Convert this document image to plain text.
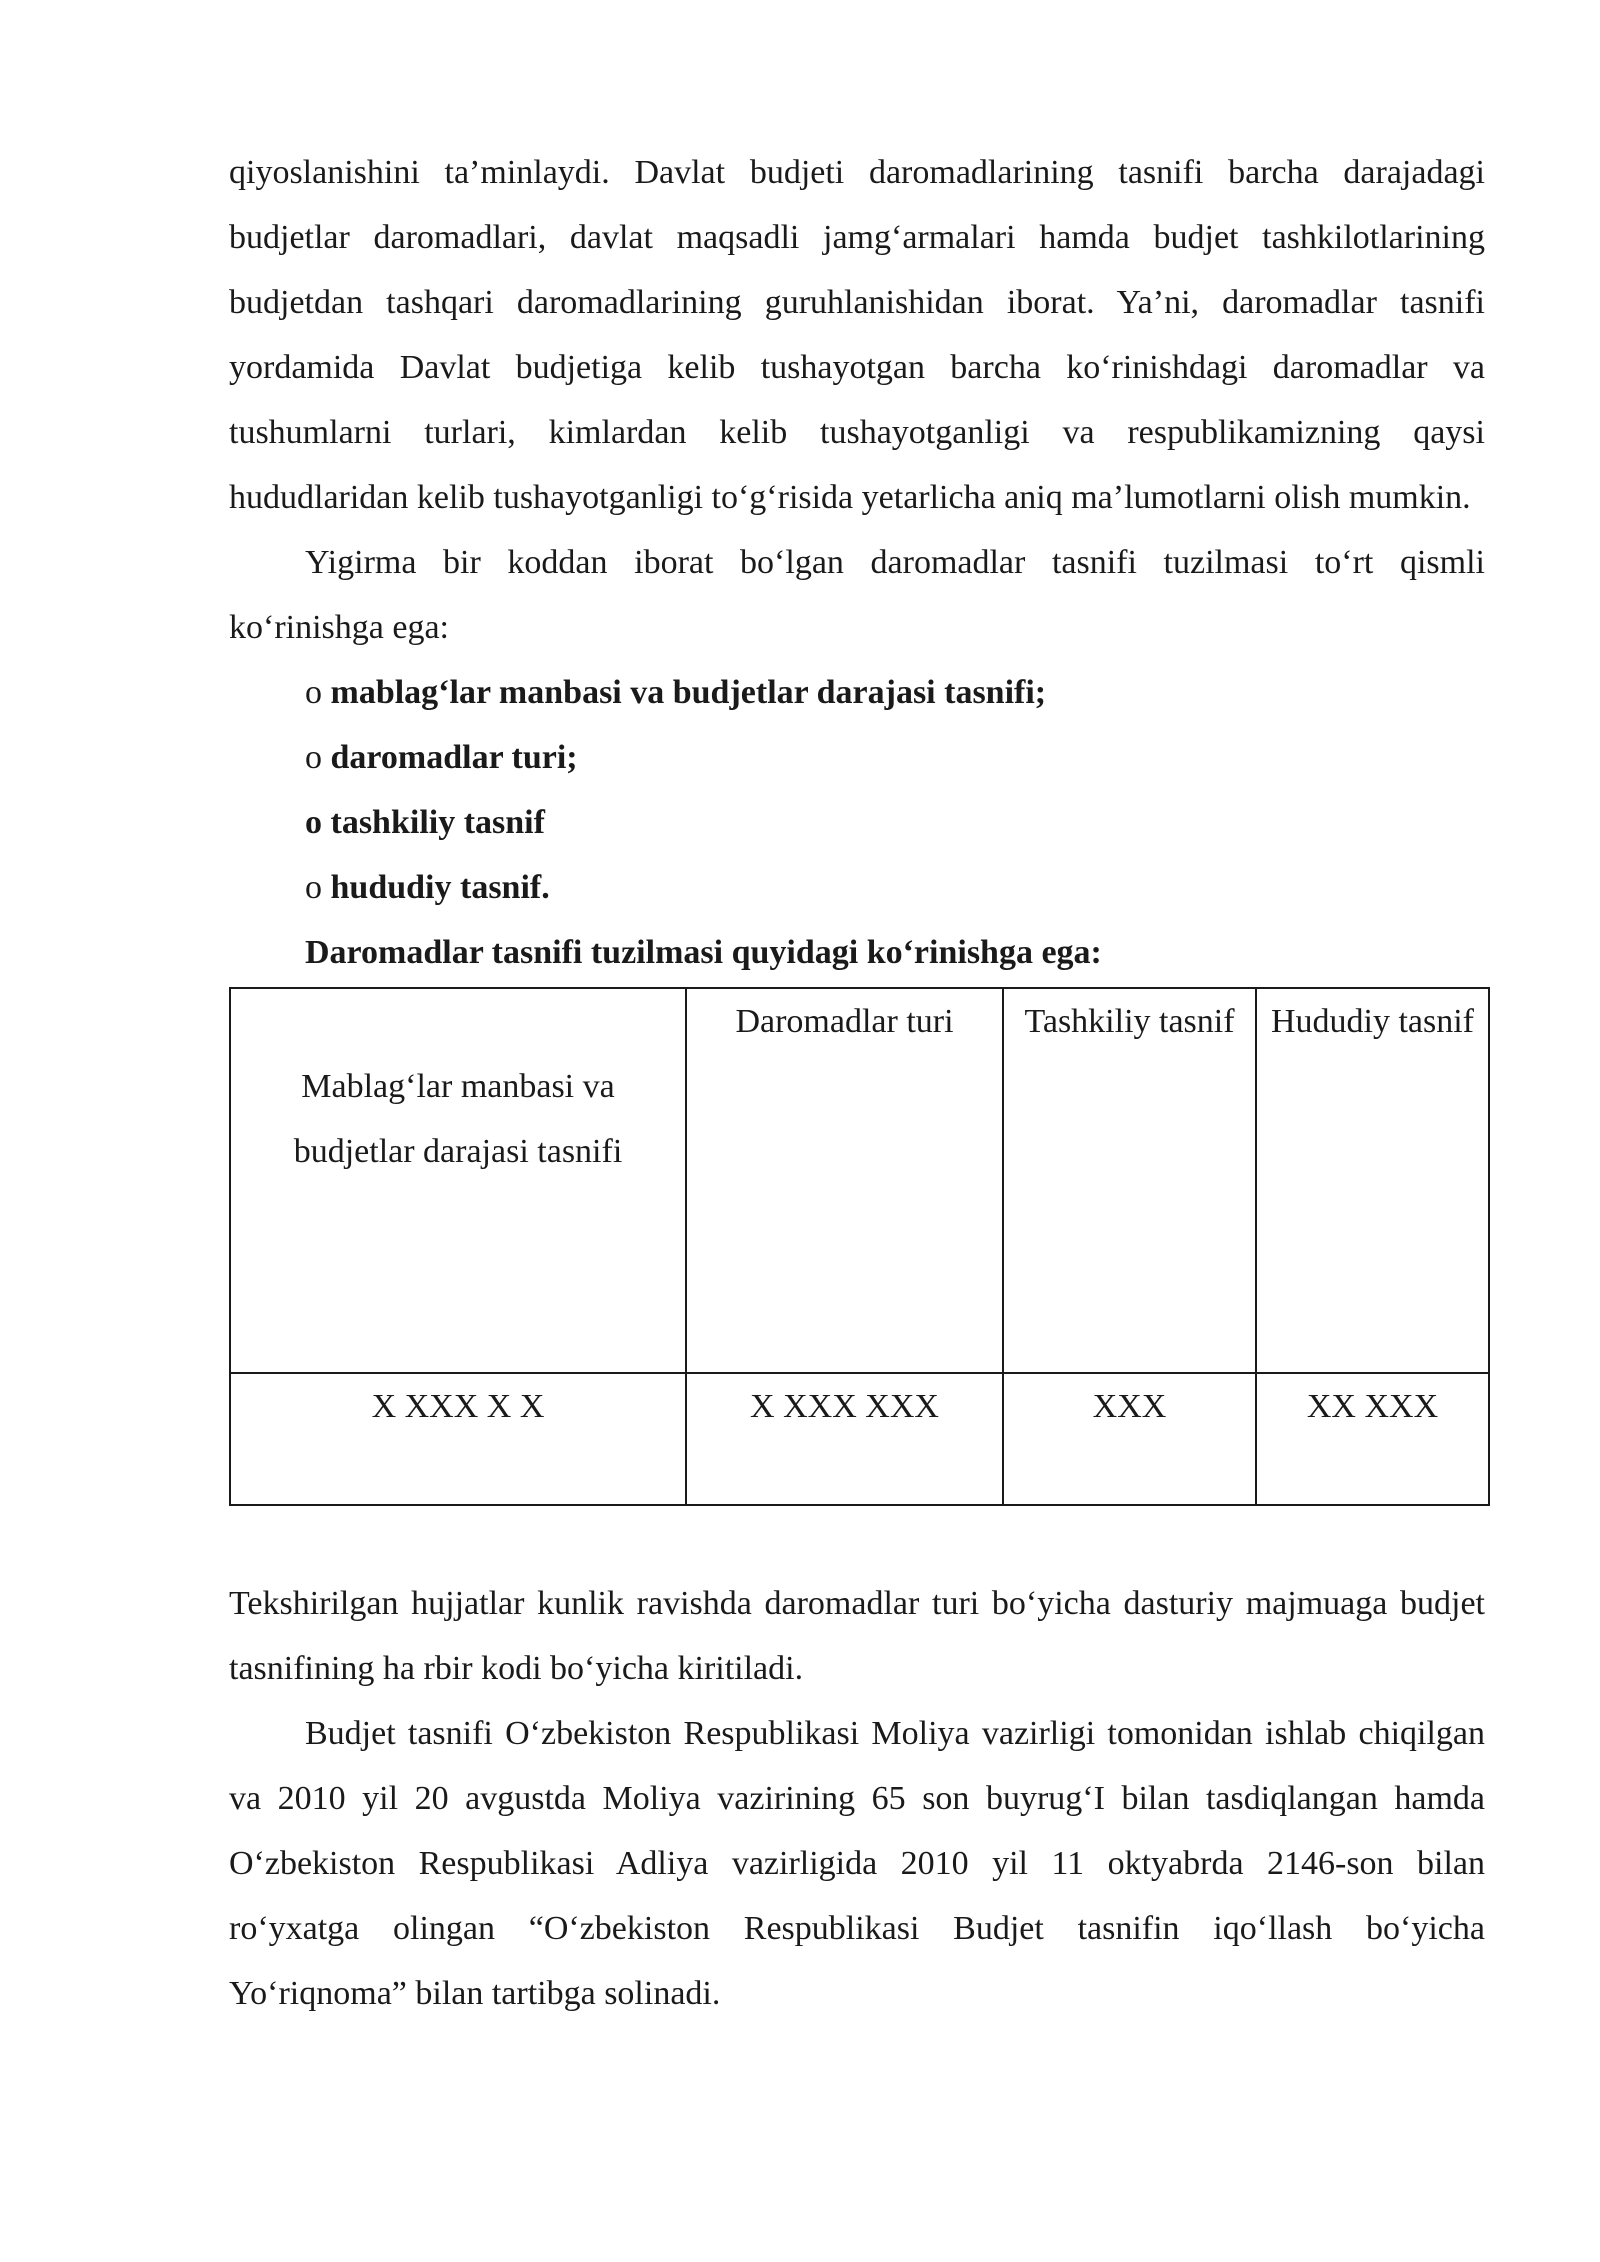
qiyoslanishini ta’minlaydi. Davlat budjeti daromadlarining tasnifi barcha darajadagi budjetlar daromadlari, davlat maqsadli jamg‘armalari hamda budjet tashkilotlarining budjetdan tashqari daromadlarining guruhlanishidan iborat. Ya’ni, daromadlar tasnifi yordamida Davlat budjetiga kelib tushayotgan barcha ko‘rinishdagi daromadlar va tushumlarni turlari, kimlardan kelib tushayotganligi va respublikamizning qaysi hududlaridan kelib tushayotganligi to‘g‘risida yetarlicha aniq ma’lumotlarni olish mumkin.

Yigirma bir koddan iborat bo‘lgan daromadlar tasnifi tuzilmasi to‘rt qismli ko‘rinishga ega:

o mablag‘lar manbasi va budjetlar darajasi tasnifi;

o daromadlar turi;

o tashkiliy tasnif

o hududiy tasnif.

Daromadlar tasnifi tuzilmasi quyidagi ko‘rinishga ega:

Mablag‘lar manbasi va budjetlar darajasi tasnifi	Daromadlar turi	Tashkiliy tasnif	Hududiy tasnif
X XXX X X	X XXX XXX	XXX	XX XXX

Tekshirilgan hujjatlar kunlik ravishda daromadlar turi bo‘yicha dasturiy majmuaga budjet tasnifining ha rbir kodi bo‘yicha kiritiladi.

Budjet tasnifi O‘zbekiston Respublikasi Moliya vazirligi tomonidan ishlab chiqilgan va 2010 yil 20 avgustda Moliya vazirining 65 son buyrug‘I bilan tasdiqlangan hamda O‘zbekiston Respublikasi Adliya vazirligida 2010 yil 11 oktyabrda 2146-son bilan ro‘yxatga olingan “O‘zbekiston Respublikasi Budjet tasnifin iqo‘llash bo‘yicha Yo‘riqnoma” bilan tartibga solinadi.
